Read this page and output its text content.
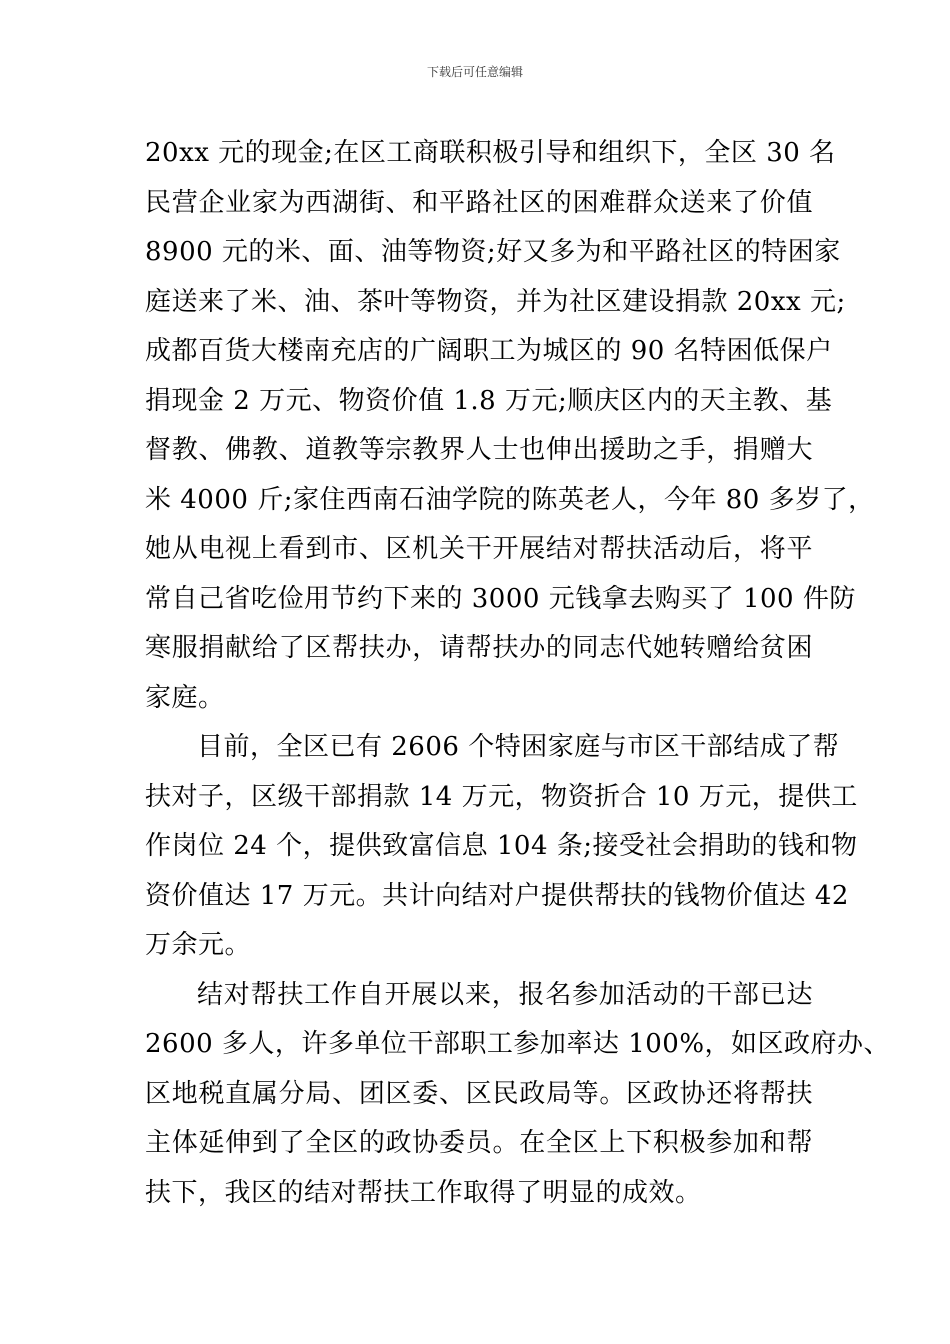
下载后可任意编辑
20xx 元的现金;在区工商联积极引导和组织下，全区 30 名
民营企业家为西湖街、和平路社区的困难群众送来了价值
8900 元的米、面、油等物资;好又多为和平路社区的特困家
庭送来了米、油、茶叶等物资，并为社区建设捐款 20xx 元;
成都百货大楼南充店的广阔职工为城区的 90 名特困低保户
捐现金 2 万元、物资价值 1.8 万元;顺庆区内的天主教、基
督教、佛教、道教等宗教界人士也伸出援助之手，捐赠大
米 4000 斤;家住西南石油学院的陈英老人，今年 80 多岁了，
她从电视上看到市、区机关干开展结对帮扶活动后，将平
常自己省吃俭用节约下来的 3000 元钱拿去购买了 100 件防
寒服捐献给了区帮扶办，请帮扶办的同志代她转赠给贫困
家庭。
目前，全区已有 2606 个特困家庭与市区干部结成了帮
扶对子，区级干部捐款 14 万元，物资折合 10 万元，提供工
作岗位 24 个，提供致富信息 104 条;接受社会捐助的钱和物
资价值达 17 万元。共计向结对户提供帮扶的钱物价值达 42
万余元。
结对帮扶工作自开展以来，报名参加活动的干部已达
2600 多人，许多单位干部职工参加率达 100%，如区政府办、
区地税直属分局、团区委、区民政局等。区政协还将帮扶
主体延伸到了全区的政协委员。在全区上下积极参加和帮
扶下，我区的结对帮扶工作取得了明显的成效。
